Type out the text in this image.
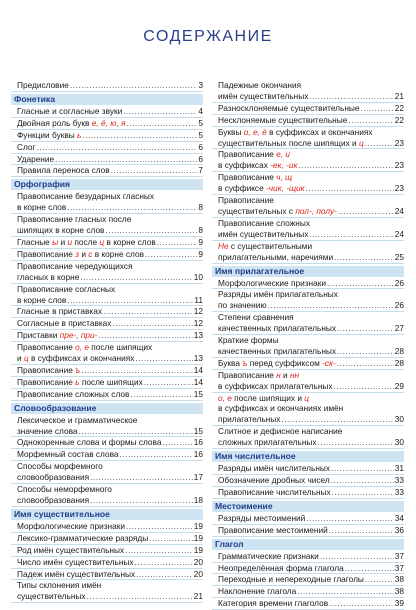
СОДЕРЖАНИЕ
Предисловие .....	3
Фонетика
Гласные и согласные звуки .....	4
Двойная роль букв е, ё, ю, я .....	5
Функции буквы ь .....	5
Слог .....	6
Ударение .....	6
Правила переноса слов .....	7
Орфография
Правописание безударных гласных
в корне слов .....	8
Правописание гласных после
шипящих в корне слов .....	8
Гласные ы и и после ц в корне слов .....	9
Правописание з и с в корне слов .....	9
Правописание чередующихся
гласных в корне .....	10
Правописание согласных
в корне слов .....	11
Гласные в приставках .....	12
Согласные в приставках .....	12
Приставки пре-, при- .....	13
Правописание о, е после шипящих
и ц в суффиксах и окончаниях .....	13
Правописание ъ .....	14
Правописание ь после шипящих .....	14
Правописание сложных слов .....	15
Словообразование
Лексическое и грамматическое
значение слова .....	15
Однокоренные слова и формы слова .....	16
Морфемный состав слова .....	16
Способы морфемного
словообразования .....	17
Способы неморфемного
словообразования .....	18
Имя существительное
Морфологические признаки .....	19
Лексико-грамматические разряды .....	19
Род имён существительных .....	19
Число имён существительных .....	20
Падеж имён существительных .....	20
Типы склонения имён
существительных .....	21
Падежные окончания
имён существительных .....	21
Разносклоняемые существительные .....	22
Несклоняемые существительные .....	22
Буквы о, е, ё в суффиксах и окончаниях
существительных после шипящих и ц .....	23
Правописание е, и
в суффиксах -ек, -ик .....	23
Правописание ч, щ
в суффиксе -чик, -щик .....	23
Правописание
существительных с пол-, полу- .....	24
Правописание сложных
имён существительных .....	24
Не с существительными
прилагательными, наречиями .....	25
Имя прилагательное
Морфологические признаки .....	26
Разряды имён прилагательных
по значению .....	26
Степени сравнения
качественных прилагательных .....	27
Краткие формы
качественных прилагательных .....	28
Буква ъ перед суффиксом -ск- .....	28
Правописание н и нн
в суффиксах прилагательных .....	29
о, е после шипящих и ц
в суффиксах и окончаниях имён
прилагательных .....	30
Слитное и дефисное написание
сложных прилагательных .....	30
Имя числительное
Разряды имён числительных .....	31
Обозначение дробных чисел .....	33
Правописание числительных .....	33
Местоимение
Разряды местоимений .....	34
Правописание местоимений .....	36
Глагол
Грамматические признаки .....	37
Неопределённая форма глагола .....	37
Переходные и непереходные глаголы .....	38
Наклонение глагола .....	38
Категория времени глаголов .....	39
